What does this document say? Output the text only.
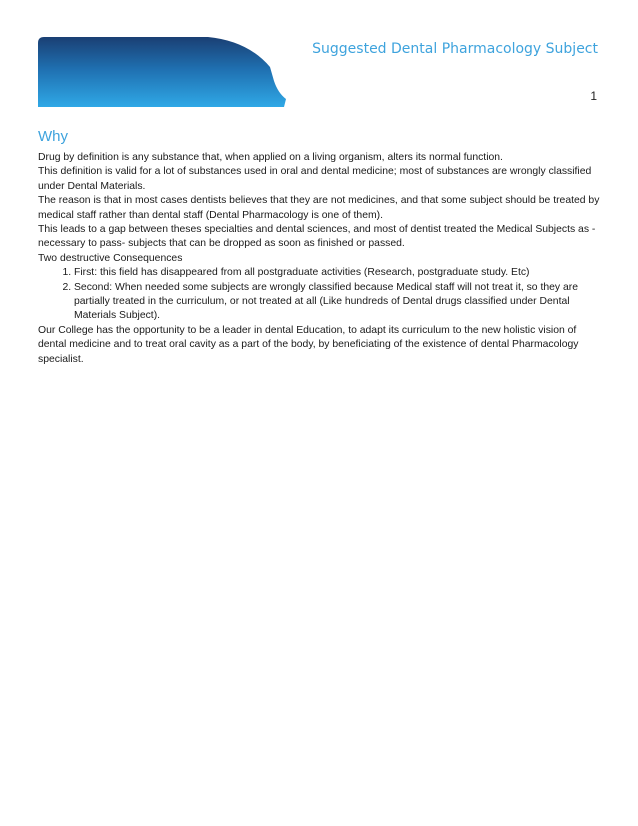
Suggested Dental Pharmacology Subject
1
Why

Drug by definition is any substance that, when applied on a living organism, alters its normal function.

This definition is valid for a lot of substances used in oral and dental medicine; most of substances are wrongly classified under Dental Materials.

The reason is that in most cases dentists believes that they are not medicines, and that some subject should be treated by medical staff rather than dental staff (Dental Pharmacology is one of them).

This leads to a gap between theses specialties and dental sciences, and most of dentist treated the Medical Subjects as - necessary to pass- subjects that can be dropped as soon as finished or passed.

Two destructive Consequences

1. First: this field has disappeared from all postgraduate activities (Research, postgraduate study. Etc)
2. Second: When needed some subjects are wrongly classified because Medical staff will not treat it, so they are partially treated in the curriculum, or not treated at all (Like hundreds of Dental drugs classified under Dental Materials Subject).

Our College has the opportunity to be a leader in dental Education, to adapt its curriculum to the new holistic vision of dental medicine and to treat oral cavity as a part of the body, by beneficiating of the existence of dental Pharmacology specialist.
